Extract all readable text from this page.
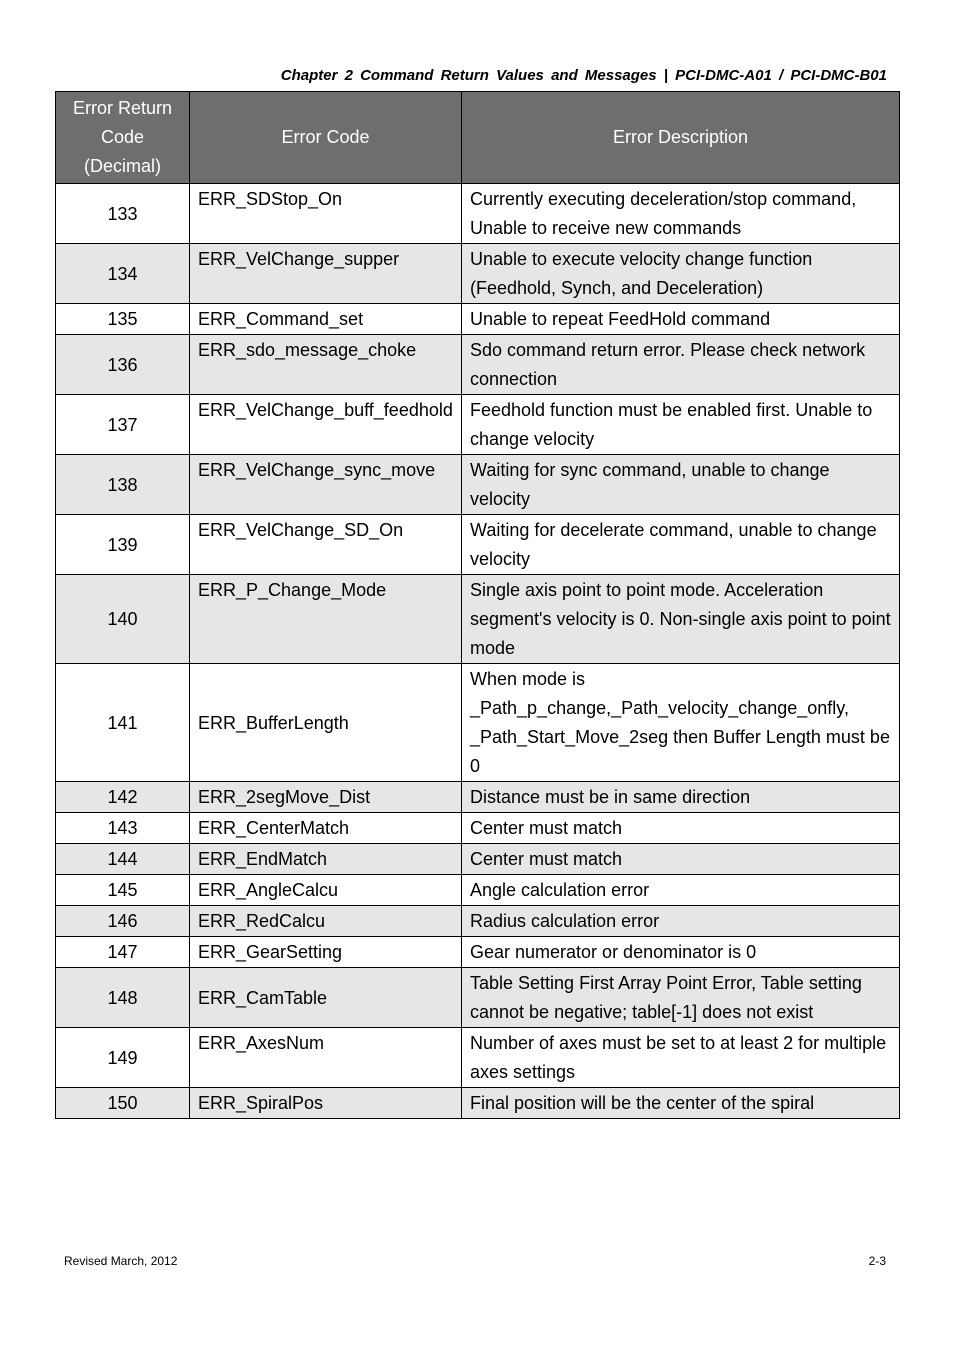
Chapter 2 Command Return Values and Messages | PCI-DMC-A01 / PCI-DMC-B01
Error Return
Code
(Decimal)	Error Code	Error Description
133	ERR_SDStop_On	Currently executing deceleration/stop command, Unable to receive new commands
134	ERR_VelChange_supper	Unable to execute velocity change function (Feedhold, Synch, and Deceleration)
135	ERR_Command_set	Unable to repeat FeedHold command
136	ERR_sdo_message_choke	Sdo command return error. Please check network connection
137	ERR_VelChange_buff_feedhold	Feedhold function must be enabled first. Unable to change velocity
138	ERR_VelChange_sync_move	Waiting for sync command, unable to change velocity
139	ERR_VelChange_SD_On	Waiting for decelerate command, unable to change velocity
140	ERR_P_Change_Mode	Single axis point to point mode. Acceleration segment's velocity is 0. Non-single axis point to point mode
141	ERR_BufferLength	When mode is _Path_p_change,_Path_velocity_change_onfly, _Path_Start_Move_2seg then Buffer Length must be 0
142	ERR_2segMove_Dist	Distance must be in same direction
143	ERR_CenterMatch	Center must match
144	ERR_EndMatch	Center must match
145	ERR_AngleCalcu	Angle calculation error
146	ERR_RedCalcu	Radius calculation error
147	ERR_GearSetting	Gear numerator or denominator is 0
148	ERR_CamTable	Table Setting First Array Point Error, Table setting cannot be negative; table[-1] does not exist
149	ERR_AxesNum	Number of axes must be set to at least 2 for multiple axes settings
150	ERR_SpiralPos	Final position will be the center of the spiral
Revised March, 2012	2-3
